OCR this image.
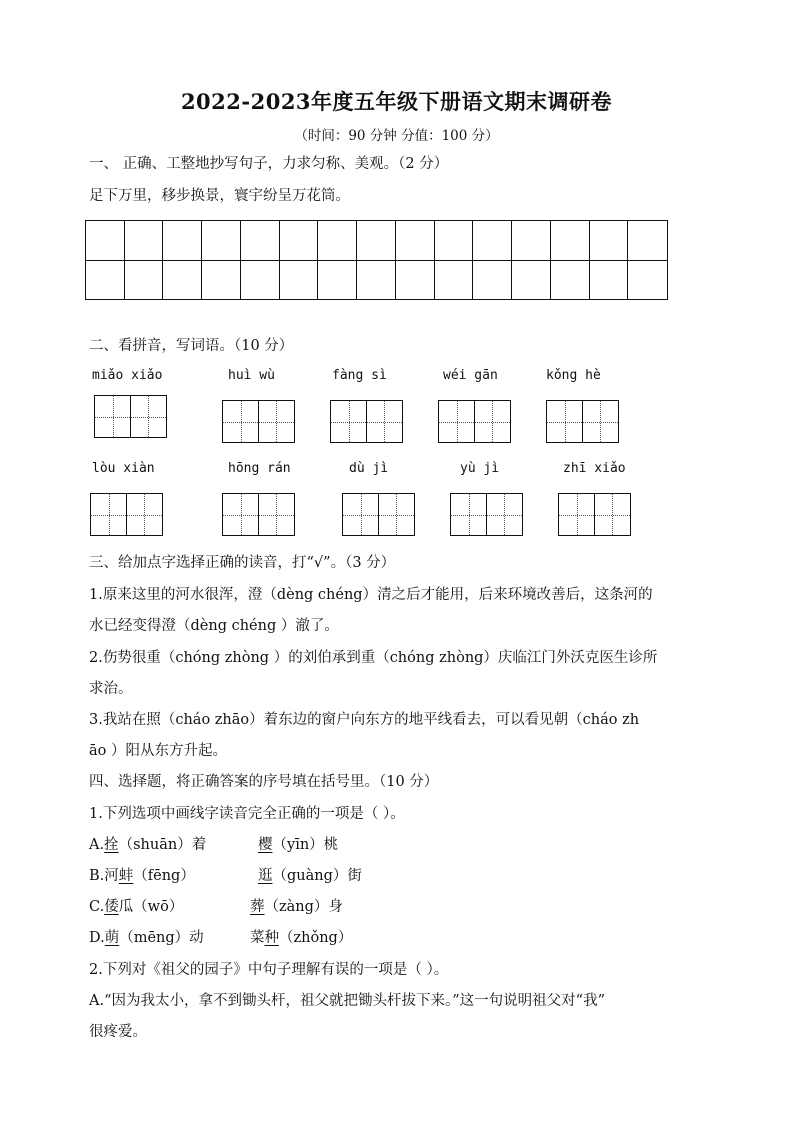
2022-2023年度五年级下册语文期末调研卷
（时间：90 分钟 分值：100 分）
一、 正确、工整地抄写句子，力求匀称、美观。（2 分）
足下万里，移步换景，寰宇纷呈万花筒。
二、看拼音，写词语。（10 分）
miǎo xiǎo	huì wù	fàng sì	wéi gān	kǒng hè
lòu xiàn	hōng rán	dù jì	yù jì	zhī xiǎo
三、给加点字选择正确的读音，打“√”。（3 分）
1.原来这里的河水很浑，澄（dèng chéng）清之后才能用，后来环境改善后，这条河的
水已经变得澄（dèng chéng ）澈了。
2.伤势很重（chóng zhòng ）的刘伯承到重（chóng zhòng）庆临江门外沃克医生诊所
求治。
3.我站在照（cháo zhāo）着东边的窗户向东方的地平线看去，可以看见朝（cháo zh
āo ）阳从东方升起。
四、选择题，将正确答案的序号填在括号里。（10 分）
1.下列选项中画线字读音完全正确的一项是（ ）。
A.拴（shuān）着	樱（yīn）桃
B.河蚌（fēng）	逛（guàng）街
C.倭瓜（wō）	葬（zàng）身
D.萌（mēng）动	菜种（zhǒng）
2.下列对《祖父的园子》中句子理解有误的一项是（ ）。
A.“因为我太小，拿不到锄头杆，祖父就把锄头杆拔下来。”这一句说明祖父对“我”
很疼爱。
